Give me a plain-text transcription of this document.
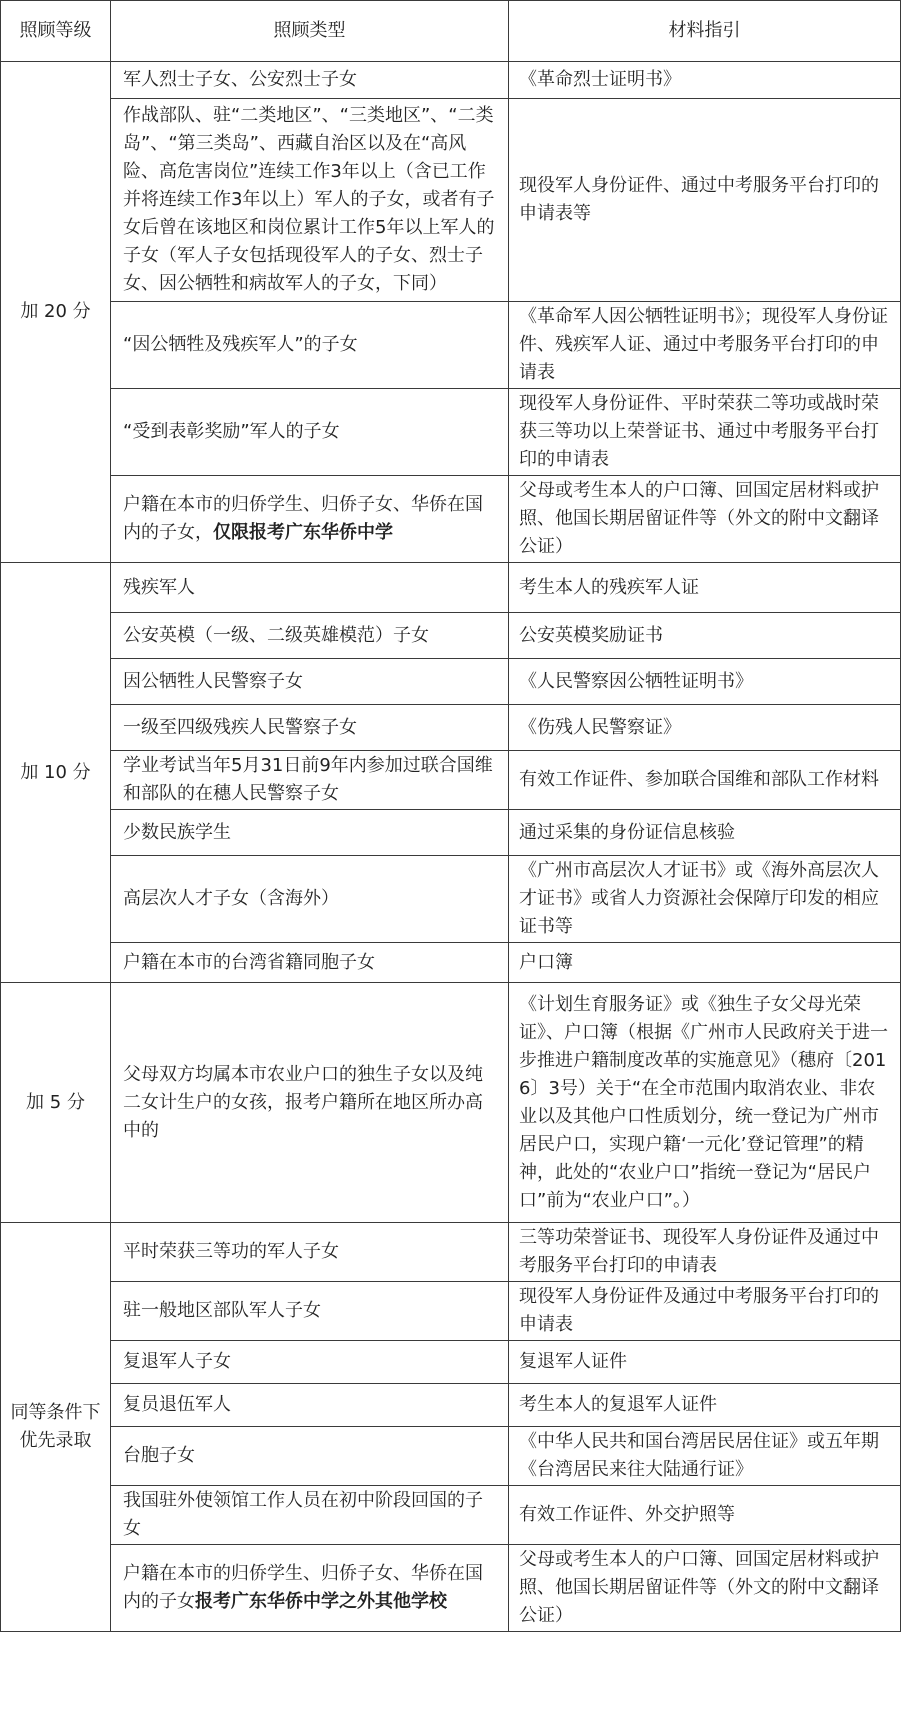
照顾等级	照顾类型	材料指引
加 20 分	军人烈士子女、公安烈士子女	《革命烈士证明书》
	作战部队、驻“二类地区”、“三类地区”、“二类岛”、“第三类岛”、西藏自治区以及在“高风险、高危害岗位”连续工作3年以上（含已工作并将连续工作3年以上）军人的子女，或者有子女后曾在该地区和岗位累计工作5年以上军人的子女（军人子女包括现役军人的子女、烈士子女、因公牺牲和病故军人的子女，下同）	现役军人身份证件、通过中考服务平台打印的申请表等
	“因公牺牲及残疾军人”的子女	《革命军人因公牺牲证明书》；现役军人身份证件、残疾军人证、通过中考服务平台打印的申请表
	“受到表彰奖励”军人的子女	现役军人身份证件、平时荣获二等功或战时荣获三等功以上荣誉证书、通过中考服务平台打印的申请表
	户籍在本市的归侨学生、归侨子女、华侨在国内的子女，仅限报考广东华侨中学	父母或考生本人的户口簿、回国定居材料或护照、他国长期居留证件等（外文的附中文翻译公证）
加 10 分	残疾军人	考生本人的残疾军人证
	公安英模（一级、二级英雄模范）子女	公安英模奖励证书
	因公牺牲人民警察子女	《人民警察因公牺牲证明书》
	一级至四级残疾人民警察子女	《伤残人民警察证》
	学业考试当年5月31日前9年内参加过联合国维和部队的在穗人民警察子女	有效工作证件、参加联合国维和部队工作材料
	少数民族学生	通过采集的身份证信息核验
	高层次人才子女（含海外）	《广州市高层次人才证书》或《海外高层次人才证书》或省人力资源社会保障厅印发的相应证书等
	户籍在本市的台湾省籍同胞子女	户口簿
加 5 分	父母双方均属本市农业户口的独生子女以及纯二女计生户的女孩，报考户籍所在地区所办高中的	《计划生育服务证》或《独生子女父母光荣证》、户口簿（根据《广州市人民政府关于进一步推进户籍制度改革的实施意见》（穗府〔2016〕3号）关于“在全市范围内取消农业、非农业以及其他户口性质划分，统一登记为广州市居民户口，实现户籍‘一元化’登记管理”的精神，此处的“农业户口”指统一登记为“居民户口”前为“农业户口”。）
同等条件下优先录取	平时荣获三等功的军人子女	三等功荣誉证书、现役军人身份证件及通过中考服务平台打印的申请表
	驻一般地区部队军人子女	现役军人身份证件及通过中考服务平台打印的申请表
	复退军人子女	复退军人证件
	复员退伍军人	考生本人的复退军人证件
	台胞子女	《中华人民共和国台湾居民居住证》或五年期《台湾居民来往大陆通行证》
	我国驻外使领馆工作人员在初中阶段回国的子女	有效工作证件、外交护照等
	户籍在本市的归侨学生、归侨子女、华侨在国内的子女报考广东华侨中学之外其他学校	父母或考生本人的户口簿、回国定居材料或护照、他国长期居留证件等（外文的附中文翻译公证）
